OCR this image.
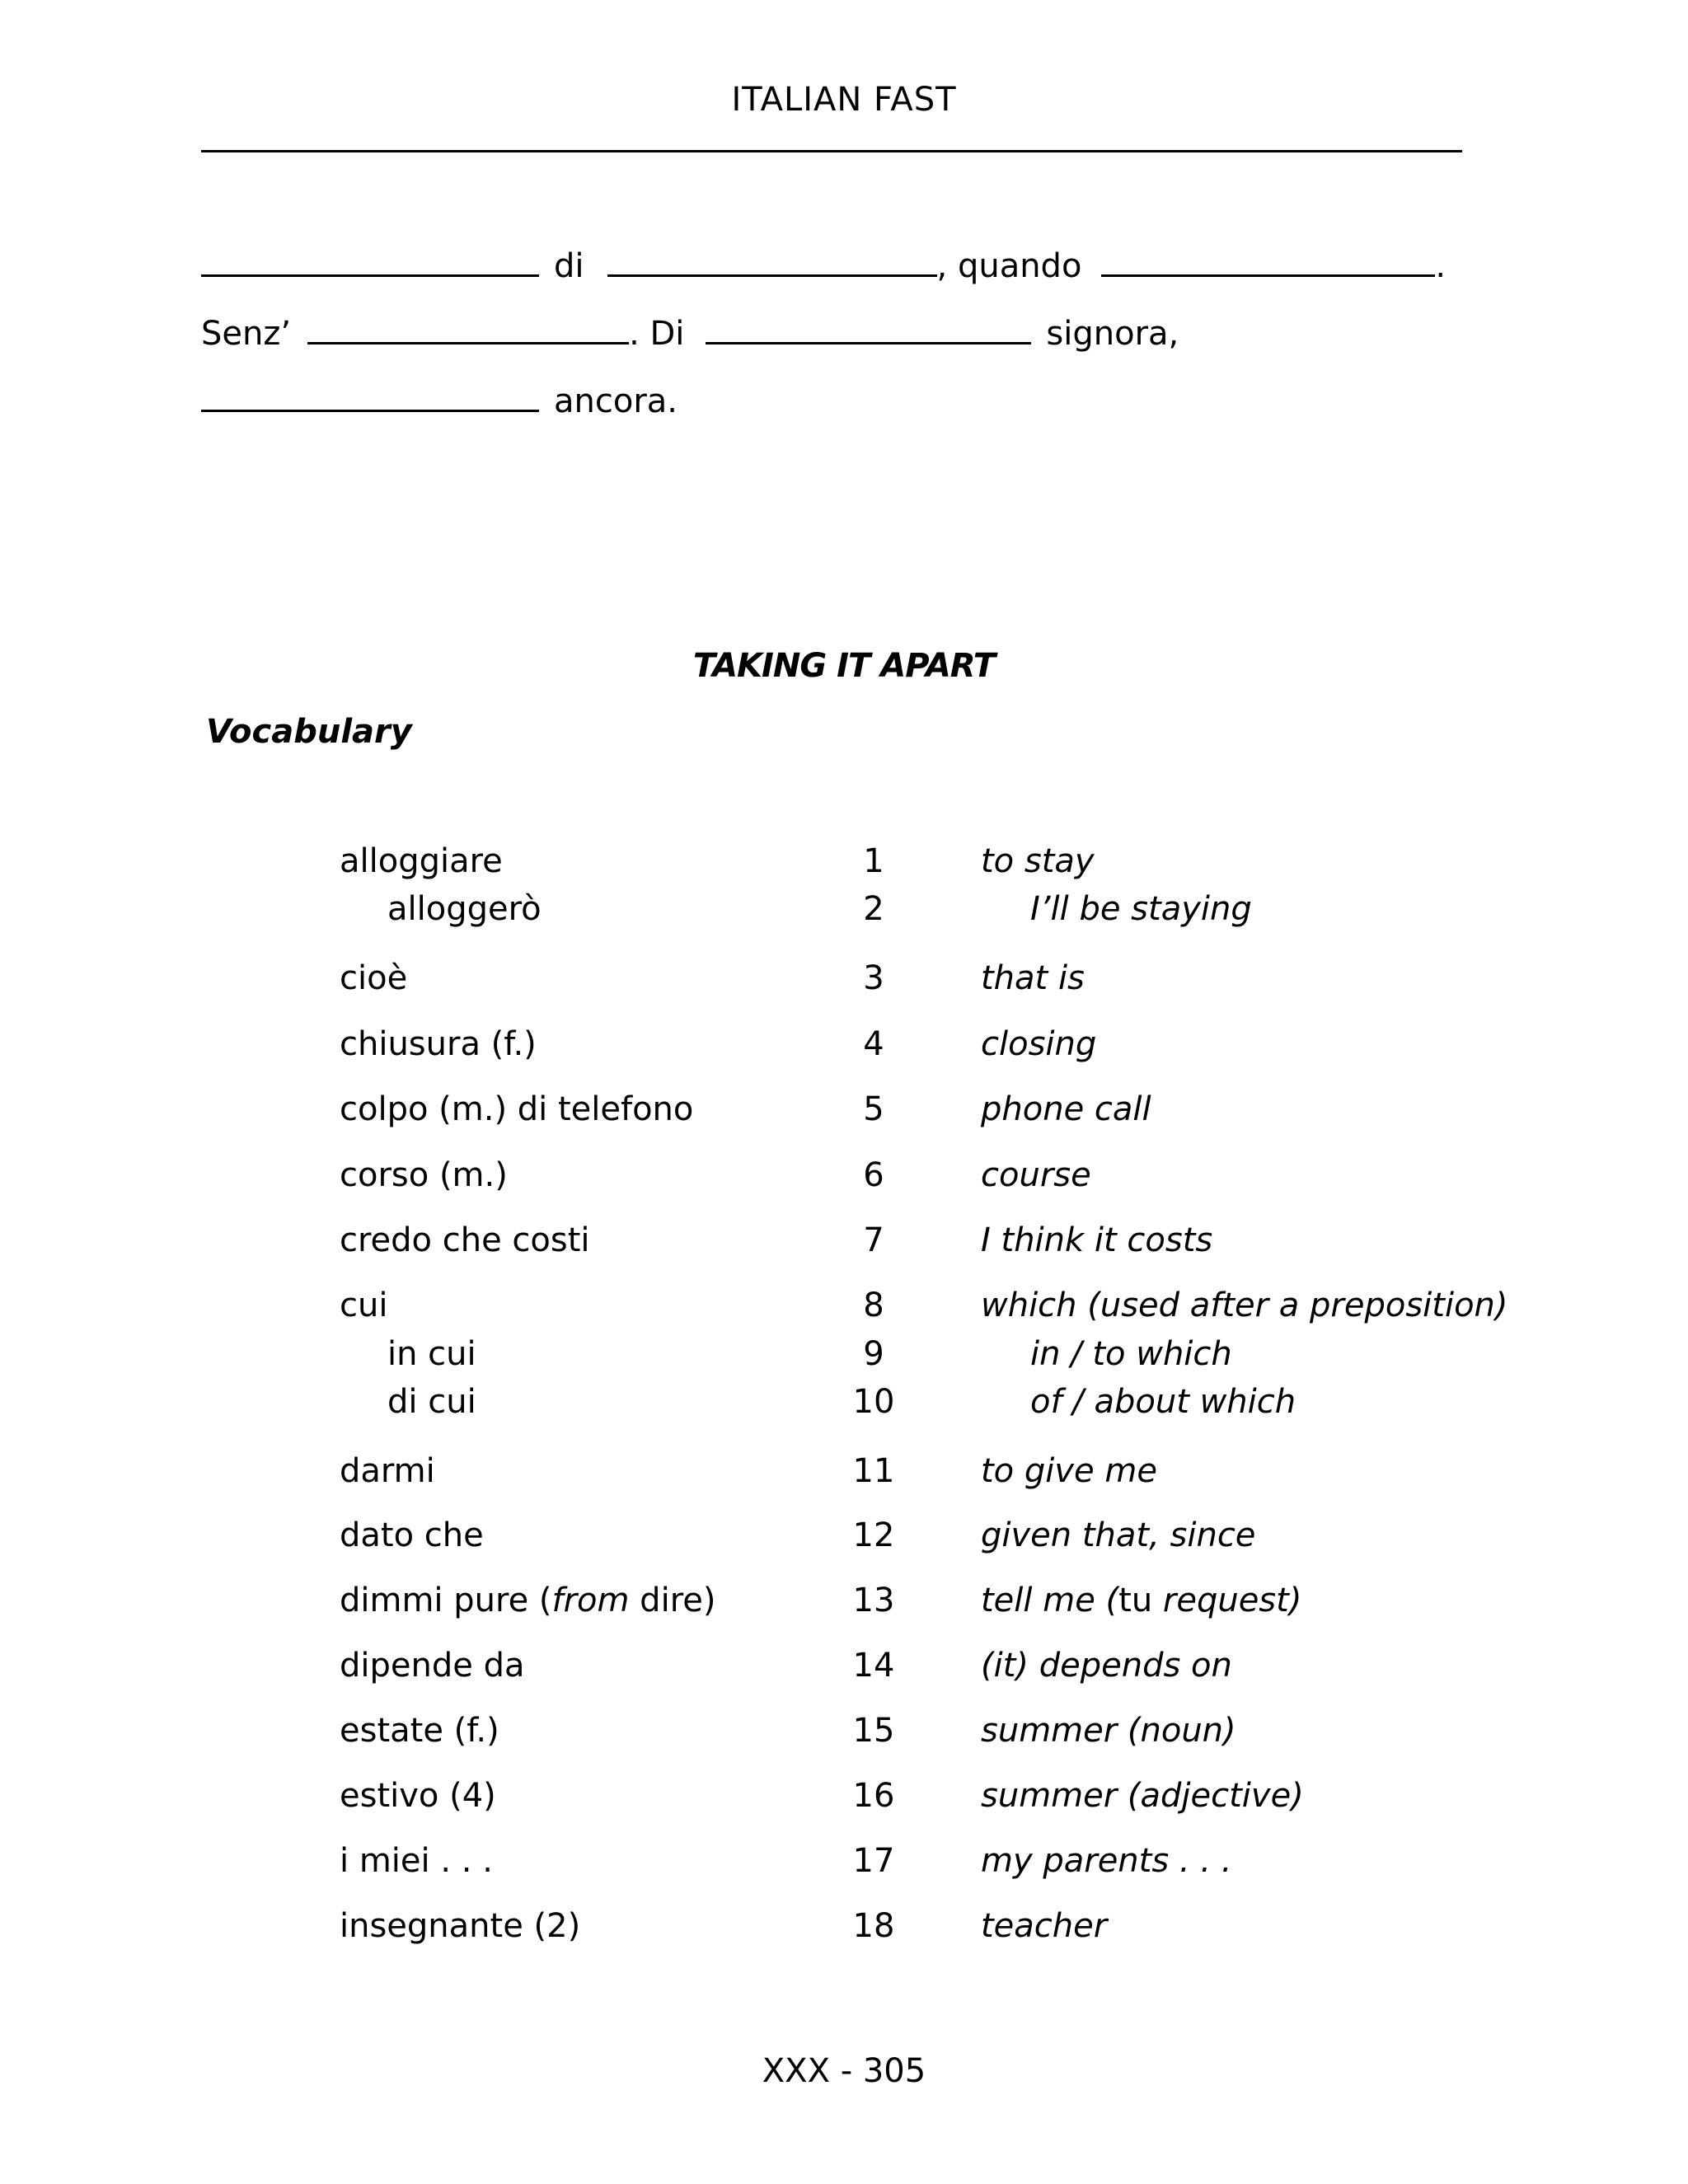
ITALIAN FAST
di	, quando	.
Senz’	. Di	signora,
ancora.
TAKING IT APART
Vocabulary
alloggiare	1	to stay
alloggerò	2	I’ll be staying
cioè	3	that is
chiusura (f.)	4	closing
colpo (m.) di telefono	5	phone call
corso (m.)	6	course
credo che costi	7	I think it costs
cui	8	which (used after a preposition)
in cui	9	in / to which
di cui	10	of / about which
darmi	11	to give me
dato che	12	given that, since
dimmi pure (from dire)	13	tell me (tu request)
dipende da	14	(it) depends on
estate (f.)	15	summer (noun)
estivo (4)	16	summer (adjective)
i miei . . .	17	my parents . . .
insegnante (2)	18	teacher
XXX - 305
